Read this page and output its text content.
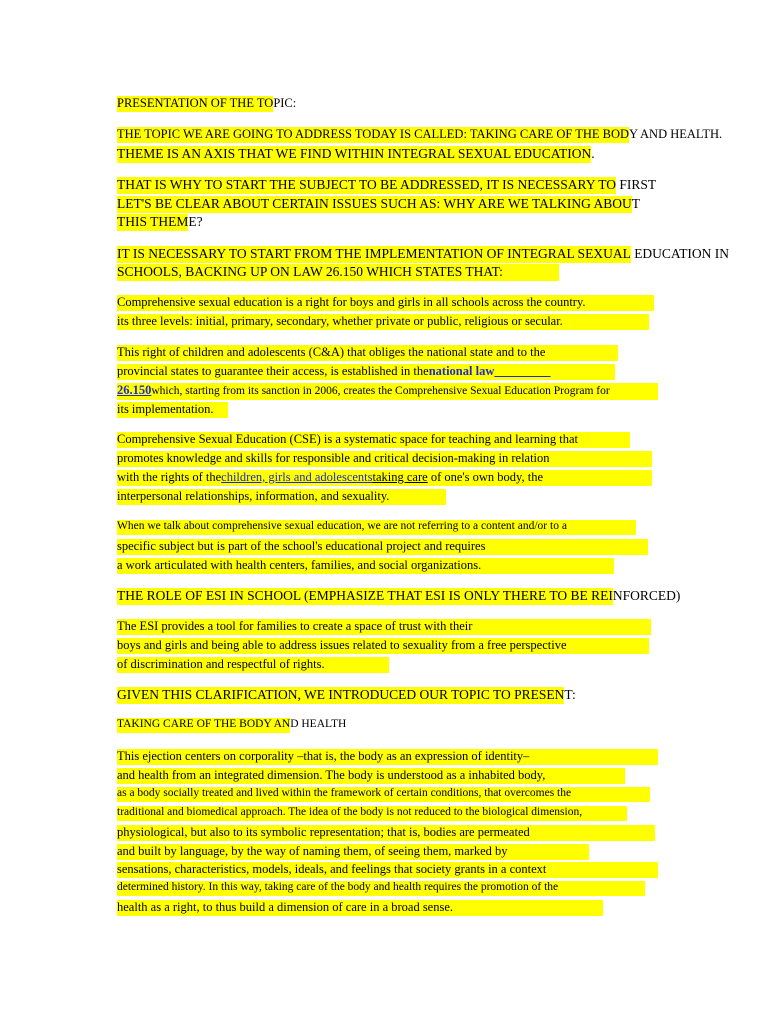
PRESENTATION OF THE TOPIC:
THE TOPIC WE ARE GOING TO ADDRESS TODAY IS CALLED: TAKING CARE OF THE BODY AND HEALTH.
THEME IS AN AXIS THAT WE FIND WITHIN INTEGRAL SEXUAL EDUCATION.
THAT IS WHY TO START THE SUBJECT TO BE ADDRESSED, IT IS NECESSARY TO FIRST
LET'S BE CLEAR ABOUT CERTAIN ISSUES SUCH AS: WHY ARE WE TALKING ABOUT
THIS THEME?
IT IS NECESSARY TO START FROM THE IMPLEMENTATION OF INTEGRAL SEXUAL EDUCATION IN
SCHOOLS, BACKING UP ON LAW 26.150 WHICH STATES THAT:
Comprehensive sexual education is a right for boys and girls in all schools across the country.
its three levels: initial, primary, secondary, whether private or public, religious or secular.
This right of children and adolescents (C&A) that obliges the national state and to the
provincial states to guarantee their access, is established in thenational law
26.150which, starting from its sanction in 2006, creates the Comprehensive Sexual Education Program for
its implementation.
Comprehensive Sexual Education (CSE) is a systematic space for teaching and learning that
promotes knowledge and skills for responsible and critical decision-making in relation
with the rights of thechildren, girls and adolescentstaking care of one's own body, the
interpersonal relationships, information, and sexuality.
When we talk about comprehensive sexual education, we are not referring to a content and/or to a
specific subject but is part of the school's educational project and requires
a work articulated with health centers, families, and social organizations.
THE ROLE OF ESI IN SCHOOL (EMPHASIZE THAT ESI IS ONLY THERE TO BE REINFORCED)
The ESI provides a tool for families to create a space of trust with their
boys and girls and being able to address issues related to sexuality from a free perspective
of discrimination and respectful of rights.
GIVEN THIS CLARIFICATION, WE INTRODUCED OUR TOPIC TO PRESENT:
TAKING CARE OF THE BODY AND HEALTH
This ejection centers on corporality –that is, the body as an expression of identity–
and health from an integrated dimension. The body is understood as a inhabited body,
as a body socially treated and lived within the framework of certain conditions, that overcomes the
traditional and biomedical approach. The idea of the body is not reduced to the biological dimension,
physiological, but also to its symbolic representation; that is, bodies are permeated
and built by language, by the way of naming them, of seeing them, marked by
sensations, characteristics, models, ideals, and feelings that society grants in a context
determined history. In this way, taking care of the body and health requires the promotion of the
health as a right, to thus build a dimension of care in a broad sense.
